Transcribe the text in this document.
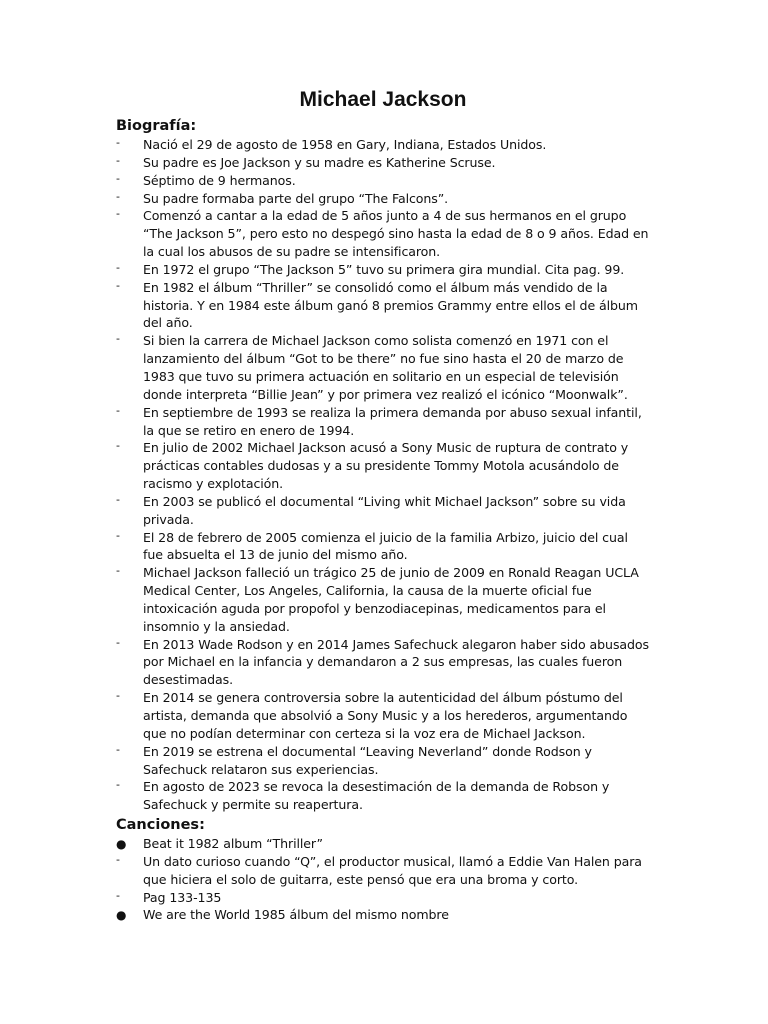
Michael Jackson
Biografía:
-	Nació el 29 de agosto de 1958 en Gary, Indiana, Estados Unidos.
-	Su padre es Joe Jackson y su madre es Katherine Scruse.
-	Séptimo de 9 hermanos.
-	Su padre formaba parte del grupo “The Falcons”.
-	Comenzó a cantar a la edad de 5 años junto a 4 de sus hermanos en el grupo “The Jackson 5”, pero esto no despegó sino hasta la edad de 8 o 9 años. Edad en la cual los abusos de su padre se intensificaron.
-	En 1972 el grupo “The Jackson 5” tuvo su primera gira mundial. Cita pag. 99.
-	En 1982 el álbum “Thriller” se consolidó como el álbum más vendido de la historia. Y en 1984 este álbum ganó 8 premios Grammy entre ellos el de álbum del año.
-	Si bien la carrera de Michael Jackson como solista comenzó en 1971 con el lanzamiento del álbum “Got to be there” no fue sino hasta el 20 de marzo de 1983 que tuvo su primera actuación en solitario en un especial de televisión donde interpreta “Billie Jean” y por primera vez realizó el icónico “Moonwalk”.
-	En septiembre de 1993 se realiza la primera demanda por abuso sexual infantil, la que se retiro en enero de 1994.
-	En julio de 2002 Michael Jackson acusó a Sony Music de ruptura de contrato y prácticas contables dudosas y a su presidente Tommy Motola acusándolo de racismo y explotación.
-	En 2003 se publicó el documental “Living whit Michael Jackson” sobre su vida privada.
-	El 28 de febrero de 2005 comienza el juicio de la familia Arbizo, juicio del cual fue absuelta el 13 de junio del mismo año.
-	Michael Jackson falleció un trágico 25 de junio de 2009 en Ronald Reagan UCLA Medical Center, Los Angeles, California, la causa de la muerte oficial fue intoxicación aguda por propofol y benzodiacepinas, medicamentos para el insomnio y la ansiedad.
-	En 2013 Wade Rodson y en 2014 James Safechuck alegaron haber sido abusados por Michael en la infancia y demandaron a 2 sus empresas, las cuales fueron desestimadas.
-	En 2014 se genera controversia sobre la autenticidad del álbum póstumo del artista, demanda que absolvió a Sony Music y a los herederos, argumentando que no podían determinar con certeza si la voz era de Michael Jackson.
-	En 2019 se estrena el documental “Leaving Neverland” donde Rodson y Safechuck relataron sus experiencias.
-	En agosto de 2023 se revoca la desestimación de la demanda de Robson y Safechuck y permite su reapertura.
Canciones:
●	Beat it 1982 album “Thriller”
-	Un dato curioso cuando “Q”, el productor musical, llamó a Eddie Van Halen para que hiciera el solo de guitarra, este pensó que era una broma y corto.
-	Pag 133-135
●	We are the World 1985 álbum del mismo nombre
